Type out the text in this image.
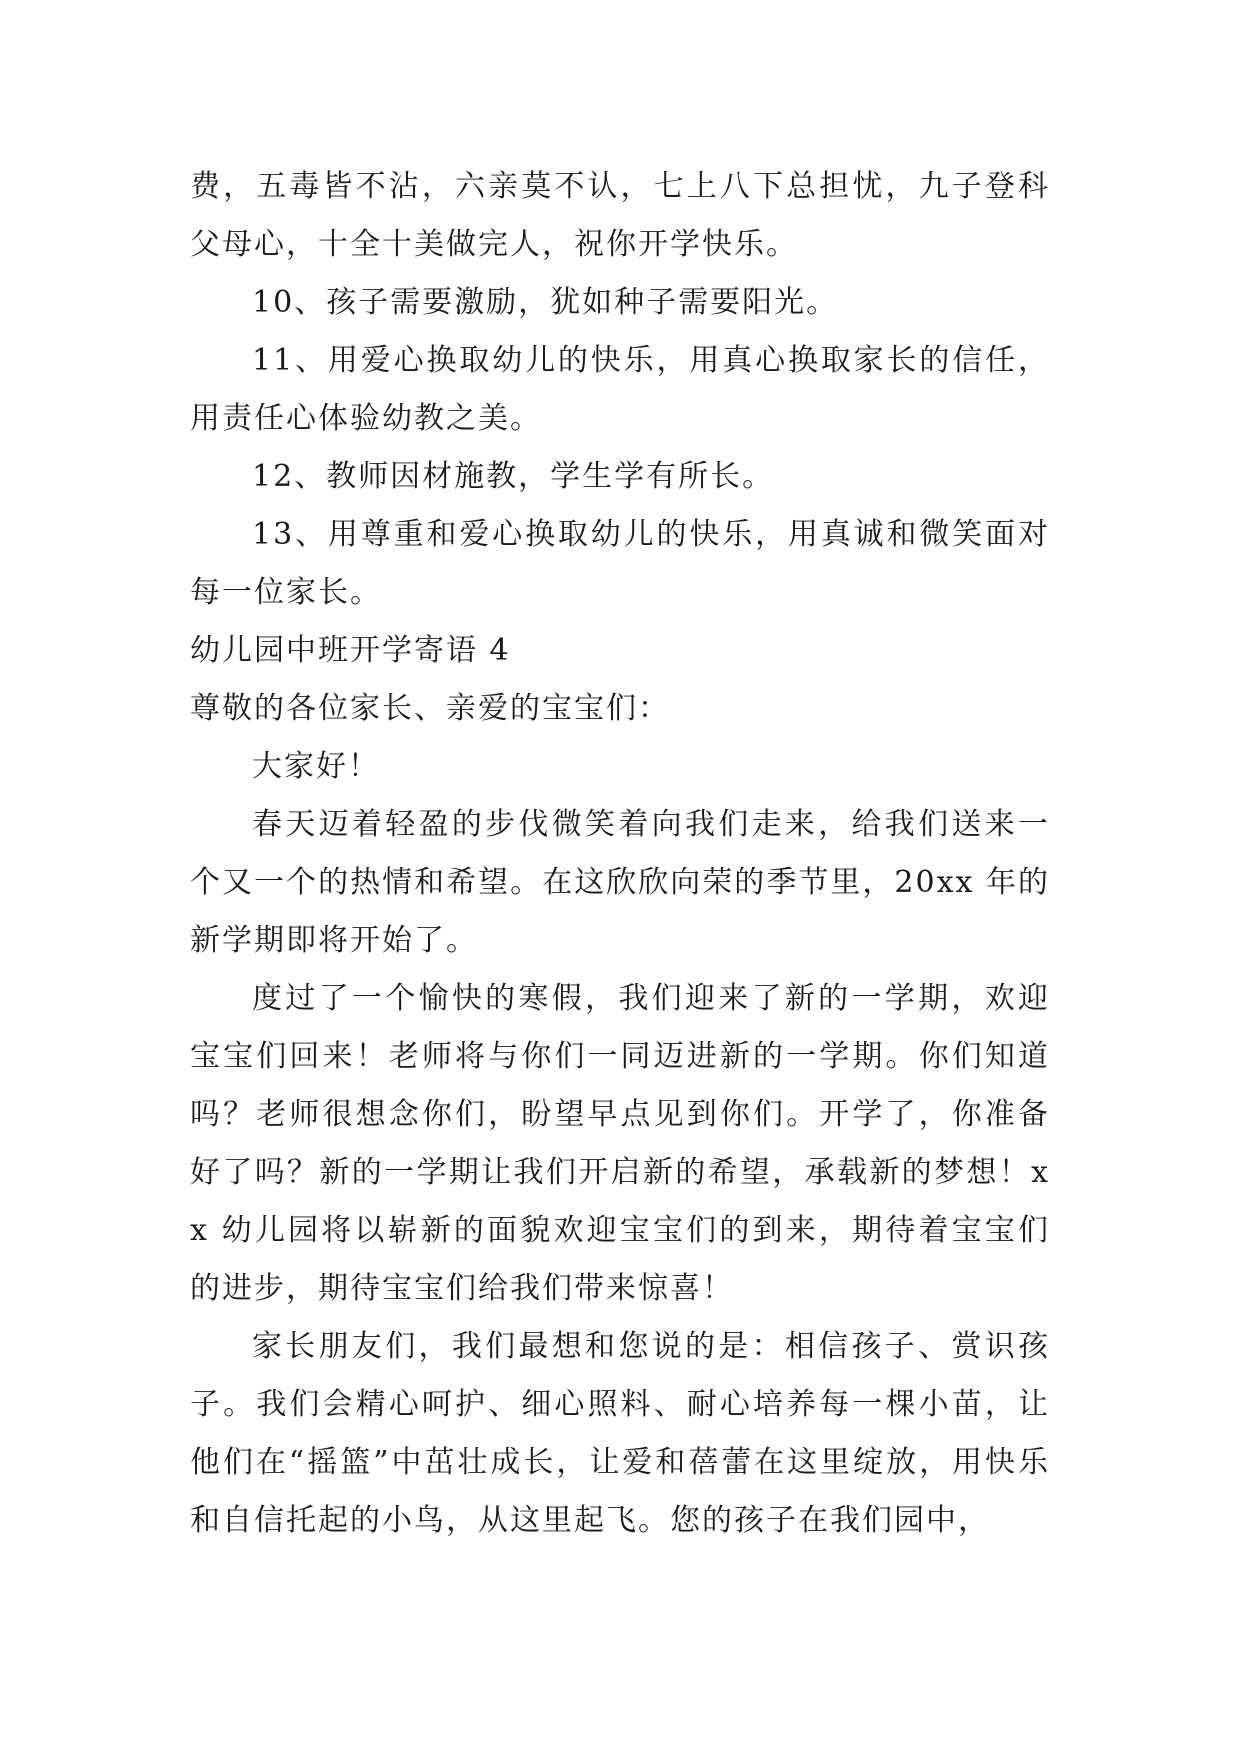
费，五毒皆不沾，六亲莫不认，七上八下总担忧，九子登科父母心，十全十美做完人，祝你开学快乐。

10、孩子需要激励，犹如种子需要阳光。

11、用爱心换取幼儿的快乐，用真心换取家长的信任，用责任心体验幼教之美。

12、教师因材施教，学生学有所长。

13、用尊重和爱心换取幼儿的快乐，用真诚和微笑面对每一位家长。

幼儿园中班开学寄语 4

尊敬的各位家长、亲爱的宝宝们：

大家好！

春天迈着轻盈的步伐微笑着向我们走来，给我们送来一个又一个的热情和希望。在这欣欣向荣的季节里，20xx 年的新学期即将开始了。

度过了一个愉快的寒假，我们迎来了新的一学期，欢迎宝宝们回来！老师将与你们一同迈进新的一学期。你们知道吗？老师很想念你们，盼望早点见到你们。开学了，你准备好了吗？新的一学期让我们开启新的希望，承载新的梦想！xx 幼儿园将以崭新的面貌欢迎宝宝们的到来，期待着宝宝们的进步，期待宝宝们给我们带来惊喜！

家长朋友们，我们最想和您说的是：相信孩子、赏识孩子。我们会精心呵护、细心照料、耐心培养每一棵小苗，让他们在“摇篮”中茁壮成长，让爱和蓓蕾在这里绽放，用快乐和自信托起的小鸟，从这里起飞。您的孩子在我们园中，
